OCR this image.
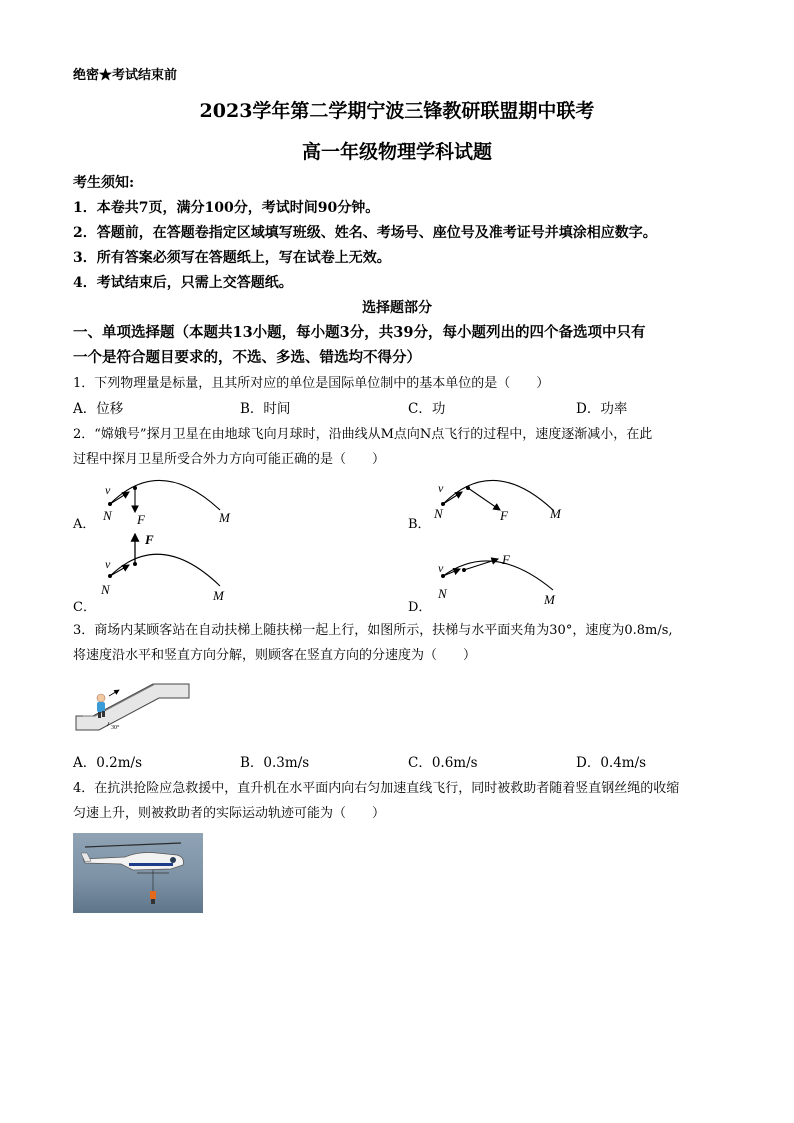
绝密★考试结束前
2023学年第二学期宁波三锋教研联盟期中联考
高一年级物理学科试题
考生须知:
1．本卷共7页，满分100分，考试时间90分钟。
2．答题前，在答题卷指定区域填写班级、姓名、考场号、座位号及准考证号并填涂相应数字。
3．所有答案必须写在答题纸上，写在试卷上无效。
4．考试结束后，只需上交答题纸。
选择题部分
一、单项选择题（本题共13小题，每小题3分，共39分，每小题列出的四个备选项中只有
一个是符合题目要求的，不选、多选、错选均不得分）
1．下列物理量是标量，且其所对应的单位是国际单位制中的基本单位的是（　　）
A．位移	B．时间	C．功	D．功率
2．“嫦娥号”探月卫星在由地球飞向月球时，沿曲线从M点向N点飞行的过程中，速度逐渐减小，在此
过程中探月卫星所受合外力方向可能正确的是（　　）
A．
v
N F	M	B．
v
N	F	M
C．
F
v
N	M
D．
F
v
N	M
3．商场内某顾客站在自动扶梯上随扶梯一起上行，如图所示，扶梯与水平面夹角为30°，速度为0.8m/s,
将速度沿水平和竖直方向分解，则顾客在竖直方向的分速度为（　　）
30°
A．0.2m/s	B．0.3m/s	C．0.6m/s	D．0.4m/s
4．在抗洪抢险应急救援中，直升机在水平面内向右匀加速直线飞行，同时被救助者随着竖直钢丝绳的收缩
匀速上升，则被救助者的实际运动轨迹可能为（　　）
